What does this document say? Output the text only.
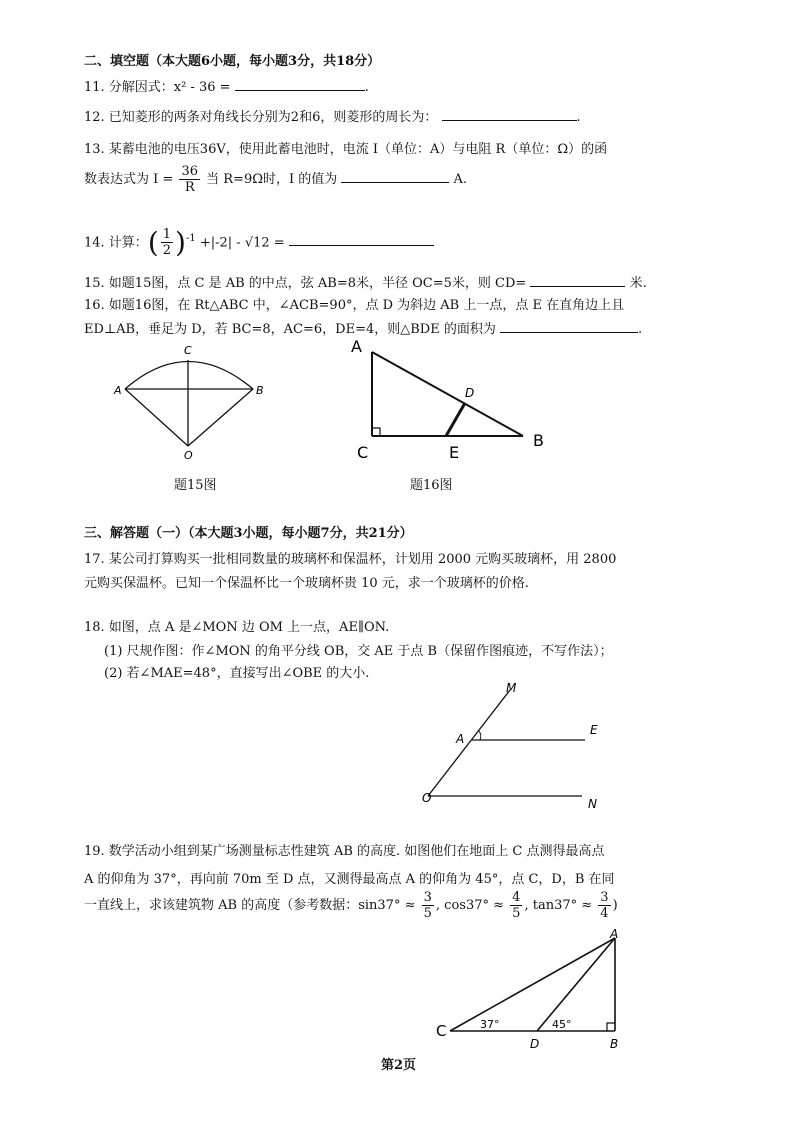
二、填空题（本大题6小题，每小题3分，共18分）
11. 分解因式：x² - 36 =	.
12. 已知菱形的两条对角线长分别为2和6，则菱形的周长为：	.
13. 某蓄电池的电压36V，使用此蓄电池时，电流 I（单位：A）与电阻 R（单位：Ω）的函
数表达式为 $I = \frac{36}{R}$ 当 R=9Ω时，I 的值为	A.
14. 计算：( $\frac{1}{2} )^{-1} +|-2| - √12$ =
15. 如题15图，点 C 是 AB 的中点，弦 AB=8米，半径 OC=5米，则 CD=	米.
16. 如题16图，在 Rt△ABC 中，∠ACB=90°，点 D 为斜边 AB 上一点，点 E 在直角边上且
ED⊥AB，垂足为 D，若 BC=8，AC=6，DE=4，则△BDE 的面积为	.
C
A	B
O
题15图
A
C
B
D
E
题16图
三、解答题（一）（本大题3小题，每小题7分，共21分）
17. 某公司打算购买一批相同数量的玻璃杯和保温杯，计划用 2000 元购买玻璃杯，用 2800
元购买保温杯。已知一个保温杯比一个玻璃杯贵 10 元，求一个玻璃杯的价格.
18. 如图，点 A 是∠MON 边 OM 上一点，AE∥ON.
(1) 尺规作图：作∠MON 的角平分线 OB，交 AE 于点 B（保留作图痕迹，不写作法）；
(2) 若∠MAE=48°，直接写出∠OBE 的大小.
M
A
E
O	N
19. 数学活动小组到某广场测量标志性建筑 AB 的高度. 如图他们在地面上 C 点测得最高点
A 的仰角为 37°，再向前 70m 至 D 点，又测得最高点 A 的仰角为 45°，点 C，D，B 在同
一直线上，求该建筑物 AB 的高度（参考数据：$\sin 37^\circ \approx \frac{3}{5}$ , $\cos 37^\circ \approx \frac{4}{5}$ , $\tan 37^\circ \approx \frac{3}{4}$ )
A
C
D	B
37°	45°
第2页
